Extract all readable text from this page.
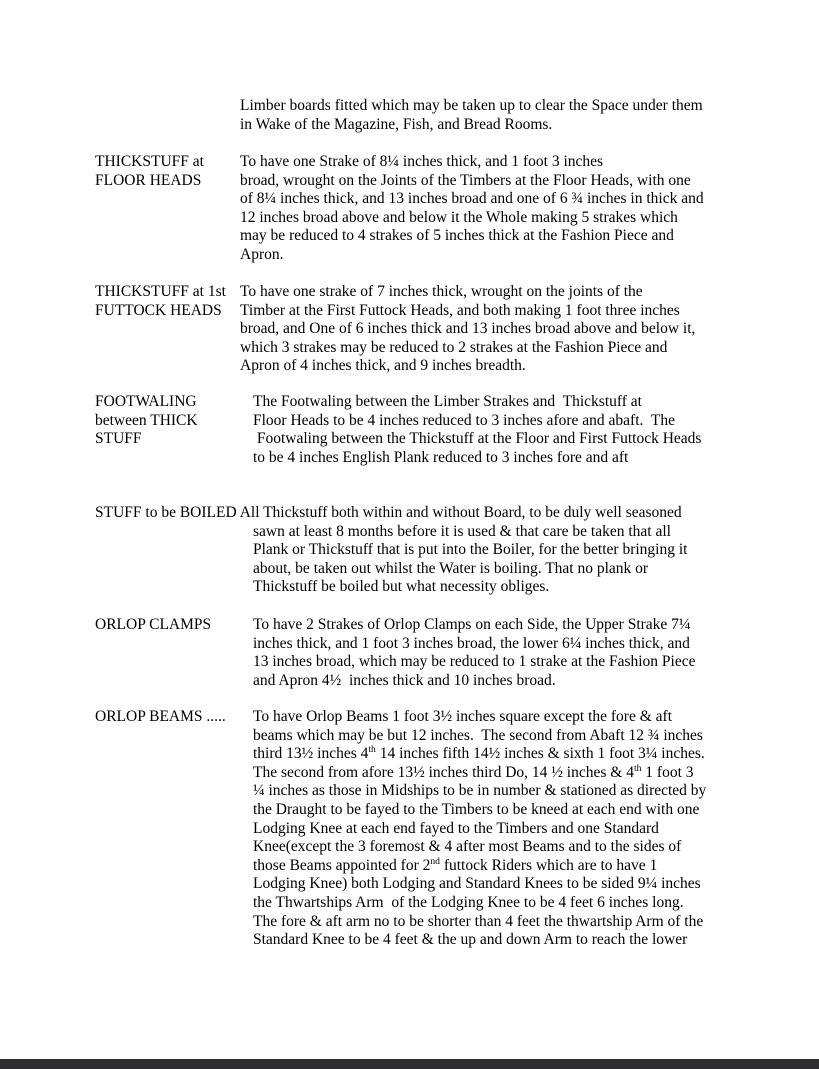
Limber boards fitted which may be taken up to clear the Space under them
in Wake of the Magazine, Fish, and Bread Rooms.
THICKSTUFF at
FLOOR HEADS
To have one Strake of 8¼ inches thick, and 1 foot 3 inches
broad, wrought on the Joints of the Timbers at the Floor Heads, with one
of 8¼ inches thick, and 13 inches broad and one of 6 ¾ inches in thick and
12 inches broad above and below it the Whole making 5 strakes which
may be reduced to 4 strakes of 5 inches thick at the Fashion Piece and
Apron.
THICKSTUFF at 1st
FUTTOCK HEADS
To have one strake of 7 inches thick, wrought on the joints of the
Timber at the First Futtock Heads, and both making 1 foot three inches
broad, and One of 6 inches thick and 13 inches broad above and below it,
which 3 strakes may be reduced to 2 strakes at the Fashion Piece and
Apron of 4 inches thick, and 9 inches breadth.
FOOTWALING
between THICK
STUFF
The Footwaling between the Limber Strakes and  Thickstuff at
Floor Heads to be 4 inches reduced to 3 inches afore and abaft.  The
Footwaling between the Thickstuff at the Floor and First Futtock Heads
to be 4 inches English Plank reduced to 3 inches fore and aft
STUFF to be BOILED All Thickstuff both within and without Board, to be duly well seasoned
sawn at least 8 months before it is used & that care be taken that all
Plank or Thickstuff that is put into the Boiler, for the better bringing it
about, be taken out whilst the Water is boiling. That no plank or
Thickstuff be boiled but what necessity obliges.
ORLOP CLAMPS	To have 2 Strakes of Orlop Clamps on each Side, the Upper Strake 7¼
inches thick, and 1 foot 3 inches broad, the lower 6¼ inches thick, and
13 inches broad, which may be reduced to 1 strake at the Fashion Piece
and Apron 4½  inches thick and 10 inches broad.
ORLOP BEAMS .....	To have Orlop Beams 1 foot 3½ inches square except the fore & aft
beams which may be but 12 inches.  The second from Abaft 12 ¾ inches
third 13½ inches 4th 14 inches fifth 14½ inches & sixth 1 foot 3¼ inches.
The second from afore 13½ inches third Do, 14 ½ inches & 4th 1 foot 3
¼ inches as those in Midships to be in number & stationed as directed by
the Draught to be fayed to the Timbers to be kneed at each end with one
Lodging Knee at each end fayed to the Timbers and one Standard
Knee(except the 3 foremost & 4 after most Beams and to the sides of
those Beams appointed for 2nd futtock Riders which are to have 1
Lodging Knee) both Lodging and Standard Knees to be sided 9¼ inches
the Thwartships Arm  of the Lodging Knee to be 4 feet 6 inches long.
The fore & aft arm no to be shorter than 4 feet the thwartship Arm of the
Standard Knee to be 4 feet & the up and down Arm to reach the lower
